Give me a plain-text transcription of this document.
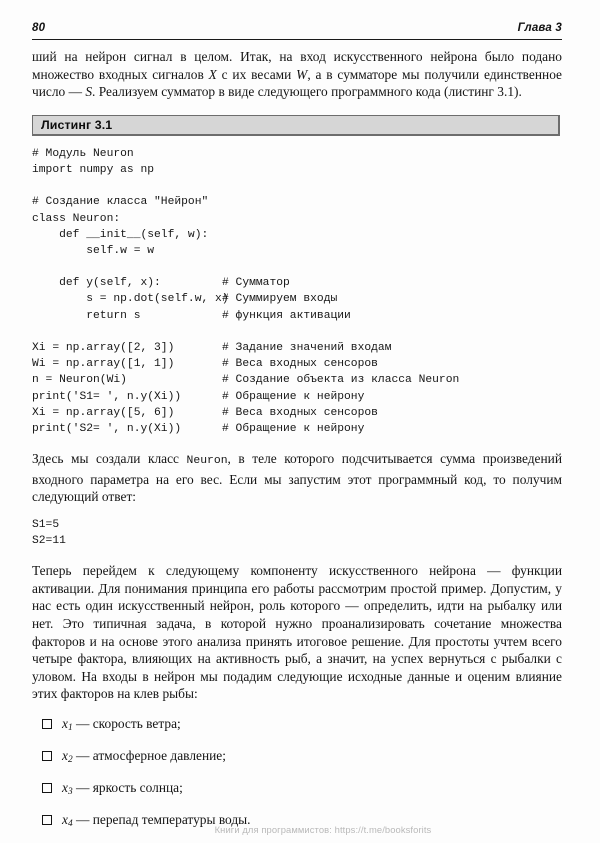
80	Глава 3

ший на нейрон сигнал в целом. Итак, на вход искусственного нейрона было подано множество входных сигналов X с их весами W, а в сумматоре мы получили единственное число — S. Реализуем сумматор в виде следующего программного кода (листинг 3.1).

Листинг 3.1
# Модуль Neuron
import numpy as np
# Создание класса "Нейрон"
class Neuron:
def __init__(self, w):
self.w = w
def y(self, x):	# Сумматор
s = np.dot(self.w, x)
# Суммируем входы
return s	# функция активации
Xi = np.array([2, 3])	# Задание значений входам
Wi = np.array([1, 1])	# Веса входных сенсоров
n = Neuron(Wi)	# Создание объекта из класса Neuron
print('S1= ', n.y(Xi))	# Обращение к нейрону
Xi = np.array([5, 6])	# Веса входных сенсоров
print('S2= ', n.y(Xi))	# Обращение к нейрону

Здесь мы создали класс Neuron, в теле которого подсчитывается сумма произведений входного параметра на его вес. Если мы запустим этот программный код, то получим следующий ответ:

S1=5
S2=11

Теперь перейдем к следующему компоненту искусственного нейрона — функции активации. Для понимания принципа его работы рассмотрим простой пример. Допустим, у нас есть один искусственный нейрон, роль которого — определить, идти на рыбалку или нет. Это типичная задача, в которой нужно проанализировать сочетание множества факторов и на основе этого анализа принять итоговое решение. Для простоты учтем всего четыре фактора, влияющих на активность рыб, а значит, на успех вернуться с рыбалки с уловом. На входы в нейрон мы подадим следующие исходные данные и оценим влияние этих факторов на клев рыбы:

$x_1$ — скорость ветра;
$x_2$ — атмосферное давление;
$x_3$ — яркость солнца;
$x_4$ — перепад температуры воды.
Книги для программистов: https://t.me/booksforits
